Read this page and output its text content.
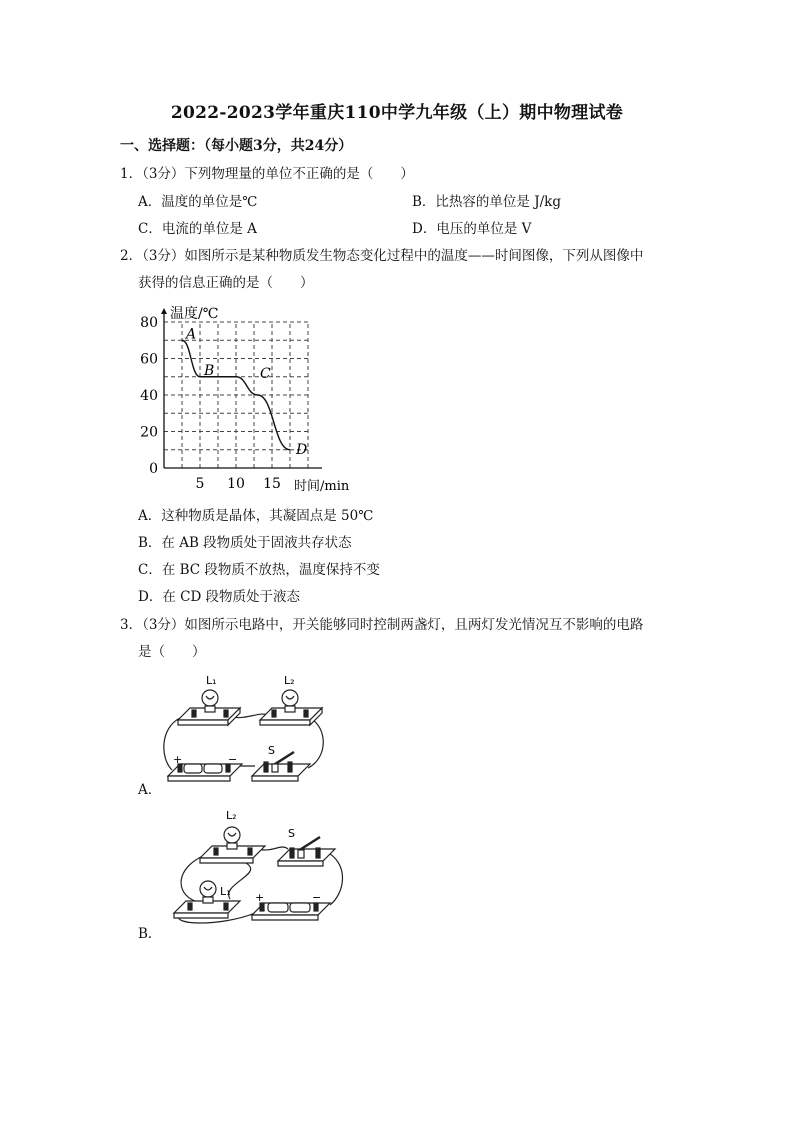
2022-2023学年重庆110中学九年级（上）期中物理试卷
一、选择题：（每小题3分，共24分）
1．（3分）下列物理量的单位不正确的是（　　）
A．温度的单位是℃	B．比热容的单位是 J/kg
C．电流的单位是 A	D．电压的单位是 V
2．（3分）如图所示是某种物质发生物态变化过程中的温度——时间图像，下列从图像中
获得的信息正确的是（　　）
温度/℃
时间/min
0
20
40
60
80
5 10 15
A
B	C
D
A．这种物质是晶体，其凝固点是 50℃
B．在 AB 段物质处于固液共存状态
C．在 BC 段物质不放热，温度保持不变
D．在 CD 段物质处于液态
3．（3分）如图所示电路中，开关能够同时控制两盏灯，且两灯发光情况互不影响的电路
是（　　）
L₁	L₂
S
+	−
A．
L₂
S
L₁ +	−
B．
